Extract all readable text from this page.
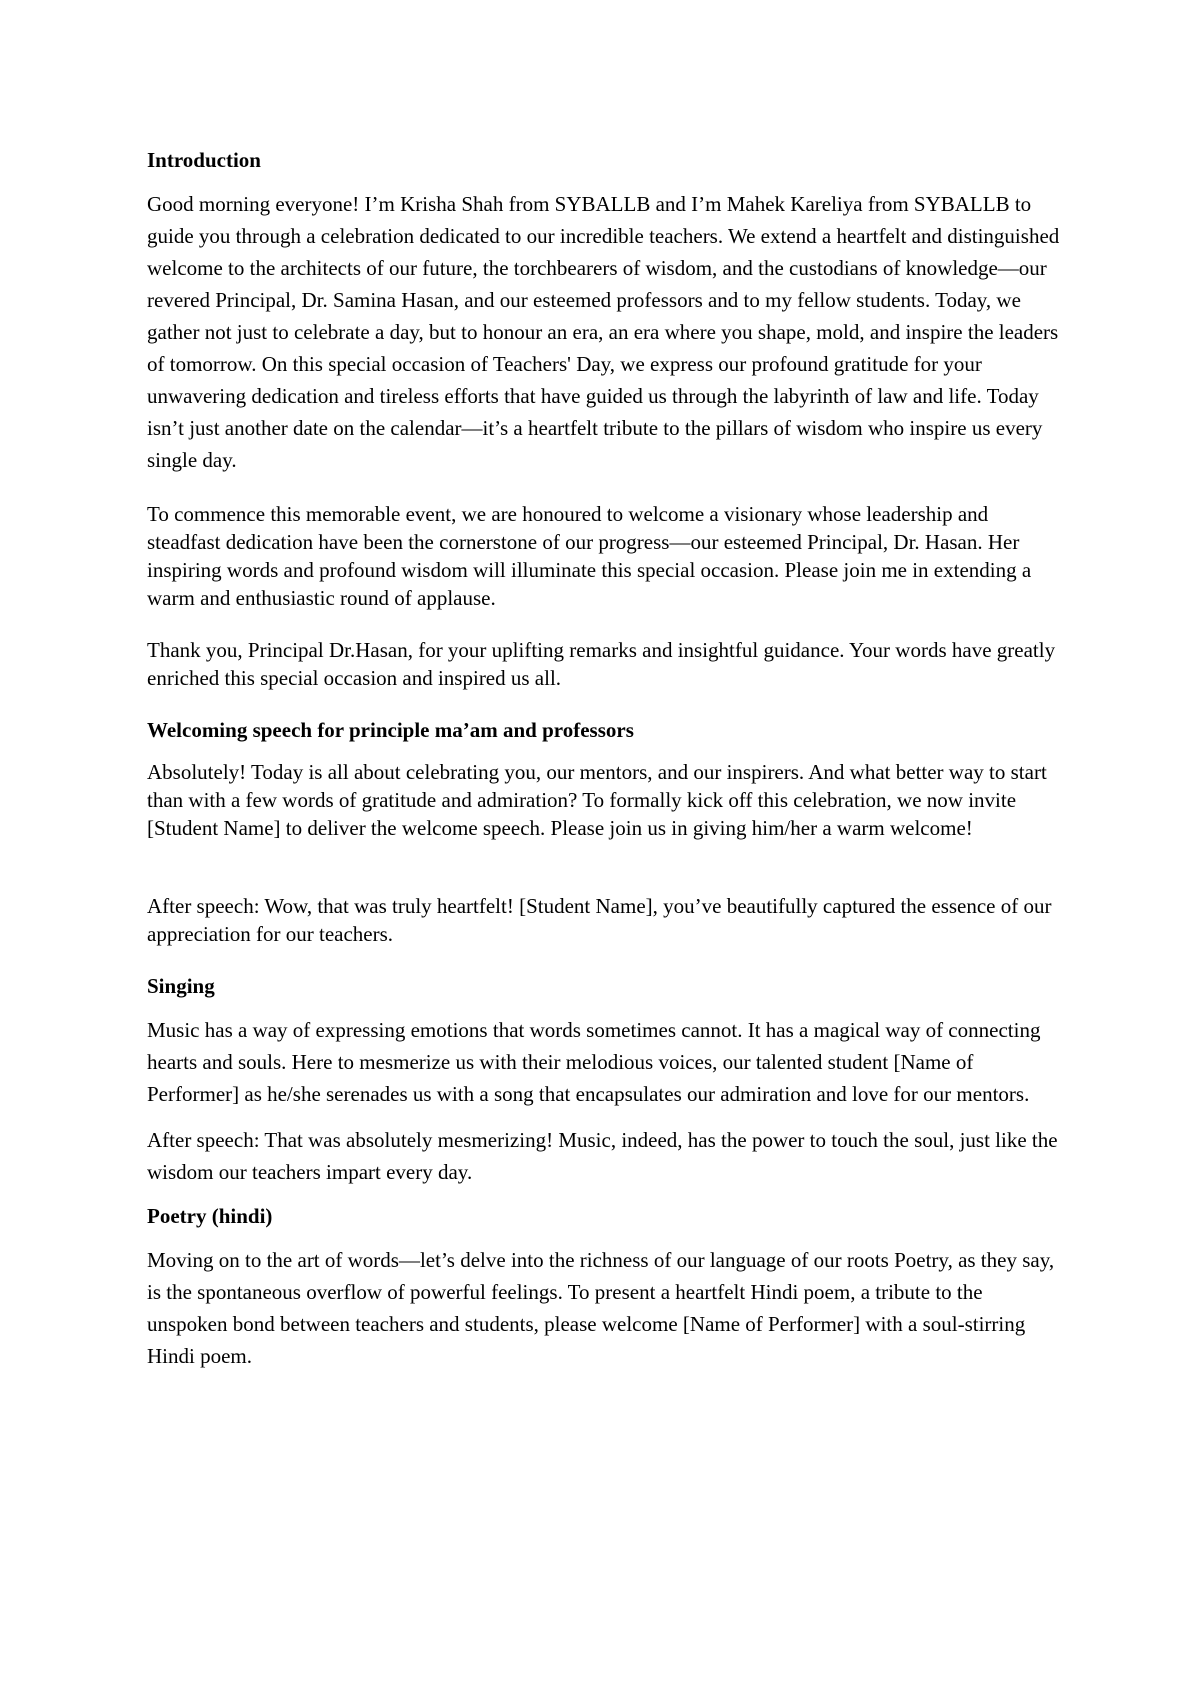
Introduction

Good morning everyone! I’m Krisha Shah from SYBALLB and I’m Mahek Kareliya from SYBALLB to guide you through a celebration dedicated to our incredible teachers. We extend a heartfelt and distinguished welcome to the architects of our future, the torchbearers of wisdom, and the custodians of knowledge—our revered Principal, Dr. Samina Hasan, and our esteemed professors and to my fellow students. Today, we gather not just to celebrate a day, but to honour an era, an era where you shape, mold, and inspire the leaders of tomorrow. On this special occasion of Teachers' Day, we express our profound gratitude for your unwavering dedication and tireless efforts that have guided us through the labyrinth of law and life. Today isn’t just another date on the calendar—it’s a heartfelt tribute to the pillars of wisdom who inspire us every single day.

To commence this memorable event, we are honoured to welcome a visionary whose leadership and steadfast dedication have been the cornerstone of our progress—our esteemed Principal, Dr. Hasan. Her inspiring words and profound wisdom will illuminate this special occasion. Please join me in extending a warm and enthusiastic round of applause.

Thank you, Principal Dr.Hasan, for your uplifting remarks and insightful guidance. Your words have greatly enriched this special occasion and inspired us all.

Welcoming speech for principle ma’am and professors

Absolutely! Today is all about celebrating you, our mentors, and our inspirers. And what better way to start than with a few words of gratitude and admiration? To formally kick off this celebration, we now invite [Student Name] to deliver the welcome speech. Please join us in giving him/her a warm welcome!

After speech: Wow, that was truly heartfelt! [Student Name], you’ve beautifully captured the essence of our appreciation for our teachers.

Singing

Music has a way of expressing emotions that words sometimes cannot. It has a magical way of connecting hearts and souls. Here to mesmerize us with their melodious voices, our talented student [Name of Performer] as he/she serenades us with a song that encapsulates our admiration and love for our mentors.

After speech: That was absolutely mesmerizing! Music, indeed, has the power to touch the soul, just like the wisdom our teachers impart every day.

Poetry (hindi)

Moving on to the art of words—let’s delve into the richness of our language of our roots Poetry, as they say, is the spontaneous overflow of powerful feelings. To present a heartfelt Hindi poem, a tribute to the unspoken bond between teachers and students, please welcome [Name of Performer] with a soul-stirring Hindi poem.
